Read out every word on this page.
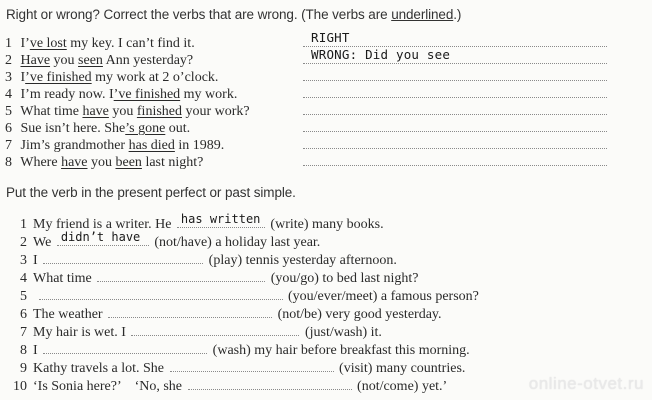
Right or wrong? Correct the verbs that are wrong. (The verbs are underlined.)
1 I’ve lost my key. I can’t find it.	RIGHT
2 Have you seen Ann yesterday?	WRONG: Did you see
3 I’ve finished my work at 2 o’clock.
4 I’m ready now. I’ve finished my work.
5 What time have you finished your work?
6 Sue isn’t here. She’s gone out.
7 Jim’s grandmother has died in 1989.
8 Where have you been last night?
Put the verb in the present perfect or past simple.
1 My friend is a writer. He has written (write) many books.
2 We didn’t have (not/have) a holiday last year.
3 I	(play) tennis yesterday afternoon.
4 What time	(you/go) to bed last night?
5	(you/ever/meet) a famous person?
6 The weather	(not/be) very good yesterday.
7 My hair is wet. I	(just/wash) it.
8 I	(wash) my hair before breakfast this morning.
9 Kathy travels a lot. She	(visit) many countries.
10 ‘Is Sonia here?’    ‘No, she	(not/come) yet.’	online-otvet.ru
